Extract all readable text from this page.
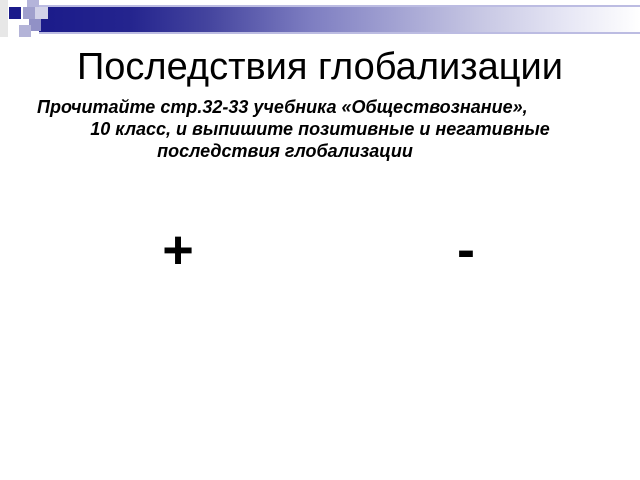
Последствия глобализации
Прочитайте стр.32-33 учебника «Обществознание»,
10 класс, и выпишите позитивные и негативные
последствия глобализации
+	-
